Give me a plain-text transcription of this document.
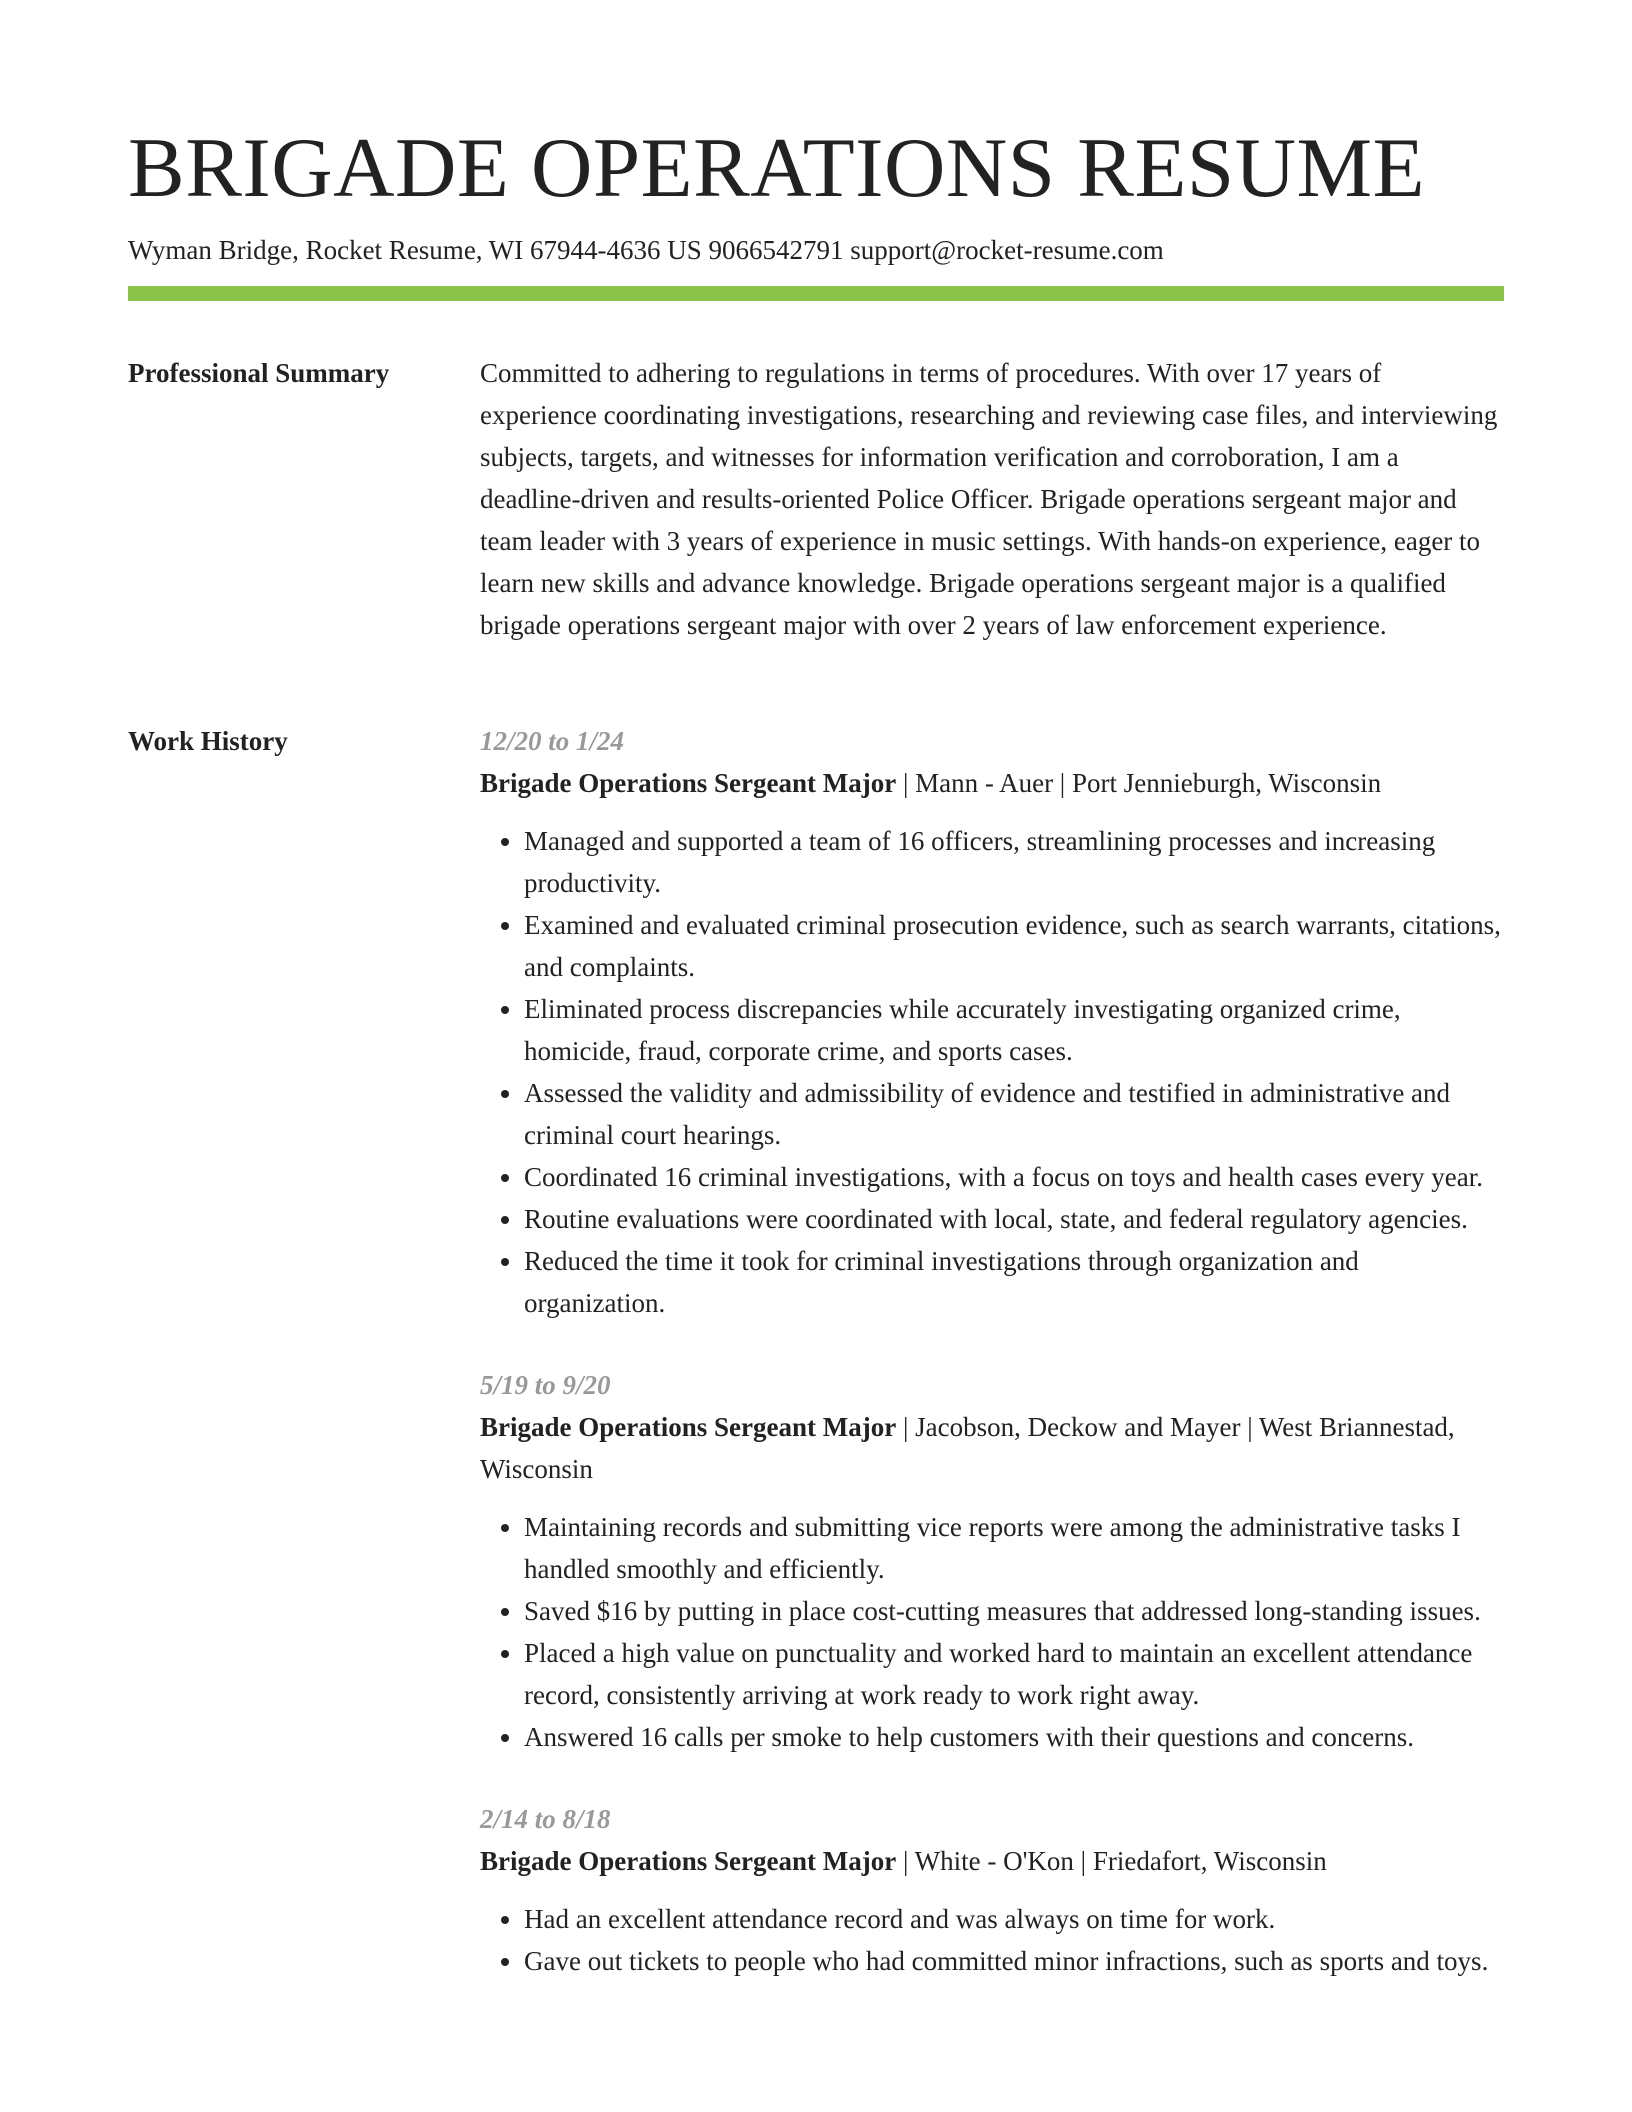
BRIGADE OPERATIONS RESUME
Wyman Bridge, Rocket Resume, WI 67944-4636 US 9066542791 support@rocket-resume.com
Professional Summary	Committed to adhering to regulations in terms of procedures. With over 17 years of experience coordinating investigations, researching and reviewing case files, and interviewing subjects, targets, and witnesses for information verification and corroboration, I am a deadline-driven and results-oriented Police Officer. Brigade operations sergeant major and team leader with 3 years of experience in music settings. With hands-on experience, eager to learn new skills and advance knowledge. Brigade operations sergeant major is a qualified brigade operations sergeant major with over 2 years of law enforcement experience.

Work History	12/20 to 1/24

Brigade Operations Sergeant Major | Mann - Auer | Port Jennieburgh, Wisconsin

• Managed and supported a team of 16 officers, streamlining processes and increasing productivity.
• Examined and evaluated criminal prosecution evidence, such as search warrants, citations, and complaints.
• Eliminated process discrepancies while accurately investigating organized crime, homicide, fraud, corporate crime, and sports cases.
• Assessed the validity and admissibility of evidence and testified in administrative and criminal court hearings.
• Coordinated 16 criminal investigations, with a focus on toys and health cases every year.
• Routine evaluations were coordinated with local, state, and federal regulatory agencies.
• Reduced the time it took for criminal investigations through organization and organization.
5/19 to 9/20

Brigade Operations Sergeant Major | Jacobson, Deckow and Mayer | West Briannestad, Wisconsin

• Maintaining records and submitting vice reports were among the administrative tasks I handled smoothly and efficiently.
• Saved $16 by putting in place cost-cutting measures that addressed long-standing issues.
• Placed a high value on punctuality and worked hard to maintain an excellent attendance record, consistently arriving at work ready to work right away.
• Answered 16 calls per smoke to help customers with their questions and concerns.
2/14 to 8/18

Brigade Operations Sergeant Major | White - O'Kon | Friedafort, Wisconsin

• Had an excellent attendance record and was always on time for work.
• Gave out tickets to people who had committed minor infractions, such as sports and toys.
